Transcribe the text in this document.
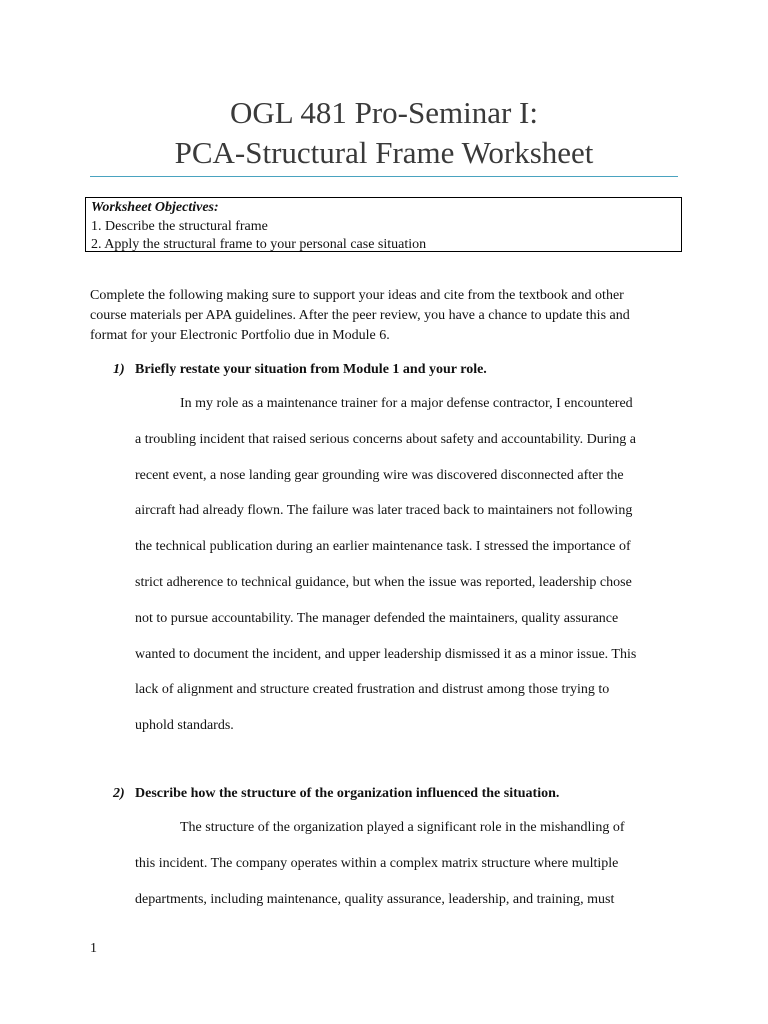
OGL 481 Pro-Seminar I:
PCA-Structural Frame Worksheet
Worksheet Objectives:
1. Describe the structural frame
2. Apply the structural frame to your personal case situation
Complete the following making sure to support your ideas and cite from the textbook and other
course materials per APA guidelines. After the peer review, you have a chance to update this and
format for your Electronic Portfolio due in Module 6.
1) Briefly restate your situation from Module 1 and your role.
In my role as a maintenance trainer for a major defense contractor, I encountered
a troubling incident that raised serious concerns about safety and accountability. During a
recent event, a nose landing gear grounding wire was discovered disconnected after the
aircraft had already flown. The failure was later traced back to maintainers not following
the technical publication during an earlier maintenance task. I stressed the importance of
strict adherence to technical guidance, but when the issue was reported, leadership chose
not to pursue accountability. The manager defended the maintainers, quality assurance
wanted to document the incident, and upper leadership dismissed it as a minor issue. This
lack of alignment and structure created frustration and distrust among those trying to
uphold standards.
2) Describe how the structure of the organization influenced the situation.
The structure of the organization played a significant role in the mishandling of
this incident. The company operates within a complex matrix structure where multiple
departments, including maintenance, quality assurance, leadership, and training, must
1
